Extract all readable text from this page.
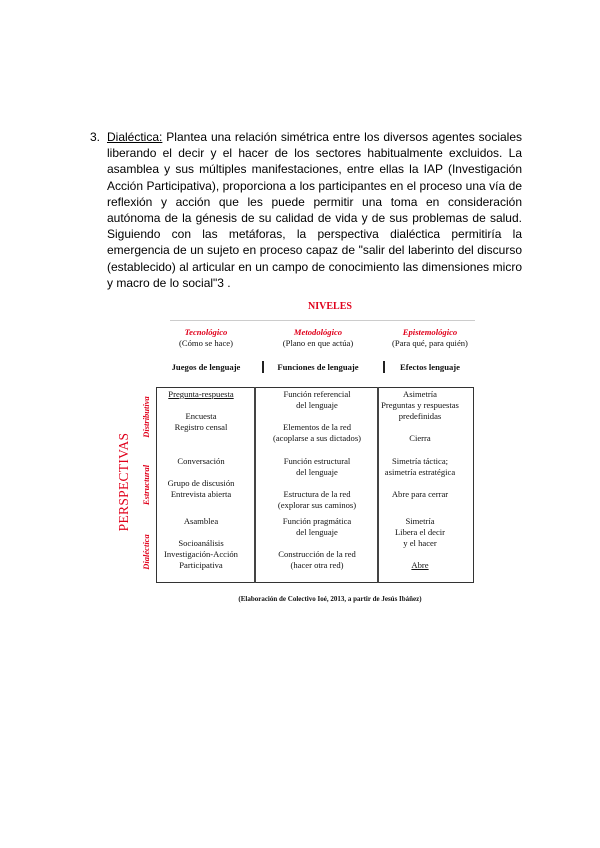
3. Dialéctica: Plantea una relación simétrica entre los diversos agentes sociales liberando el decir y el hacer de los sectores habitualmente excluidos. La asamblea y sus múltiples manifestaciones, entre ellas la IAP (Investigación Acción Participativa), proporciona a los participantes en el proceso una vía de reflexión y acción que les puede permitir una toma en consideración autónoma de la génesis de su calidad de vida y de sus problemas de salud. Siguiendo con las metáforas, la perspectiva dialéctica permitiría la emergencia de un sujeto en proceso capaz de "salir del laberinto del discurso (establecido) al articular en un campo de conocimiento las dimensiones micro y macro de lo social"3 .
NIVELES
Tecnológico
(Cómo se hace)
Metodológico
(Plano en que actúa)
Epistemológico
(Para qué, para quién)
Juegos de lenguaje	Funciones de lenguaje	Efectos lenguaje
PERSPECTIVAS
Distributiva
Estructural
Dialéctica
Pregunta-respuesta
Encuesta
Registro censal
Función referencial
del lenguaje
Elementos de la red
(acoplarse a sus dictados)
Asimetría
Preguntas y respuestas
predefinidas
Cierra
Conversación
Grupo de discusión
Entrevista abierta
Función estructural
del lenguaje
Estructura de la red
(explorar sus caminos)
Simetría táctica;
asimetría estratégica
Abre para cerrar
Asamblea
Socioanálisis
Investigación-Acción
Participativa
Función pragmática
del lenguaje
Construcción de la red
(hacer otra red)
Simetría
Libera el decir
y el hacer
Abre
(Elaboración de Colectivo Ioé, 2013, a partir de Jesús Ibáñez)
